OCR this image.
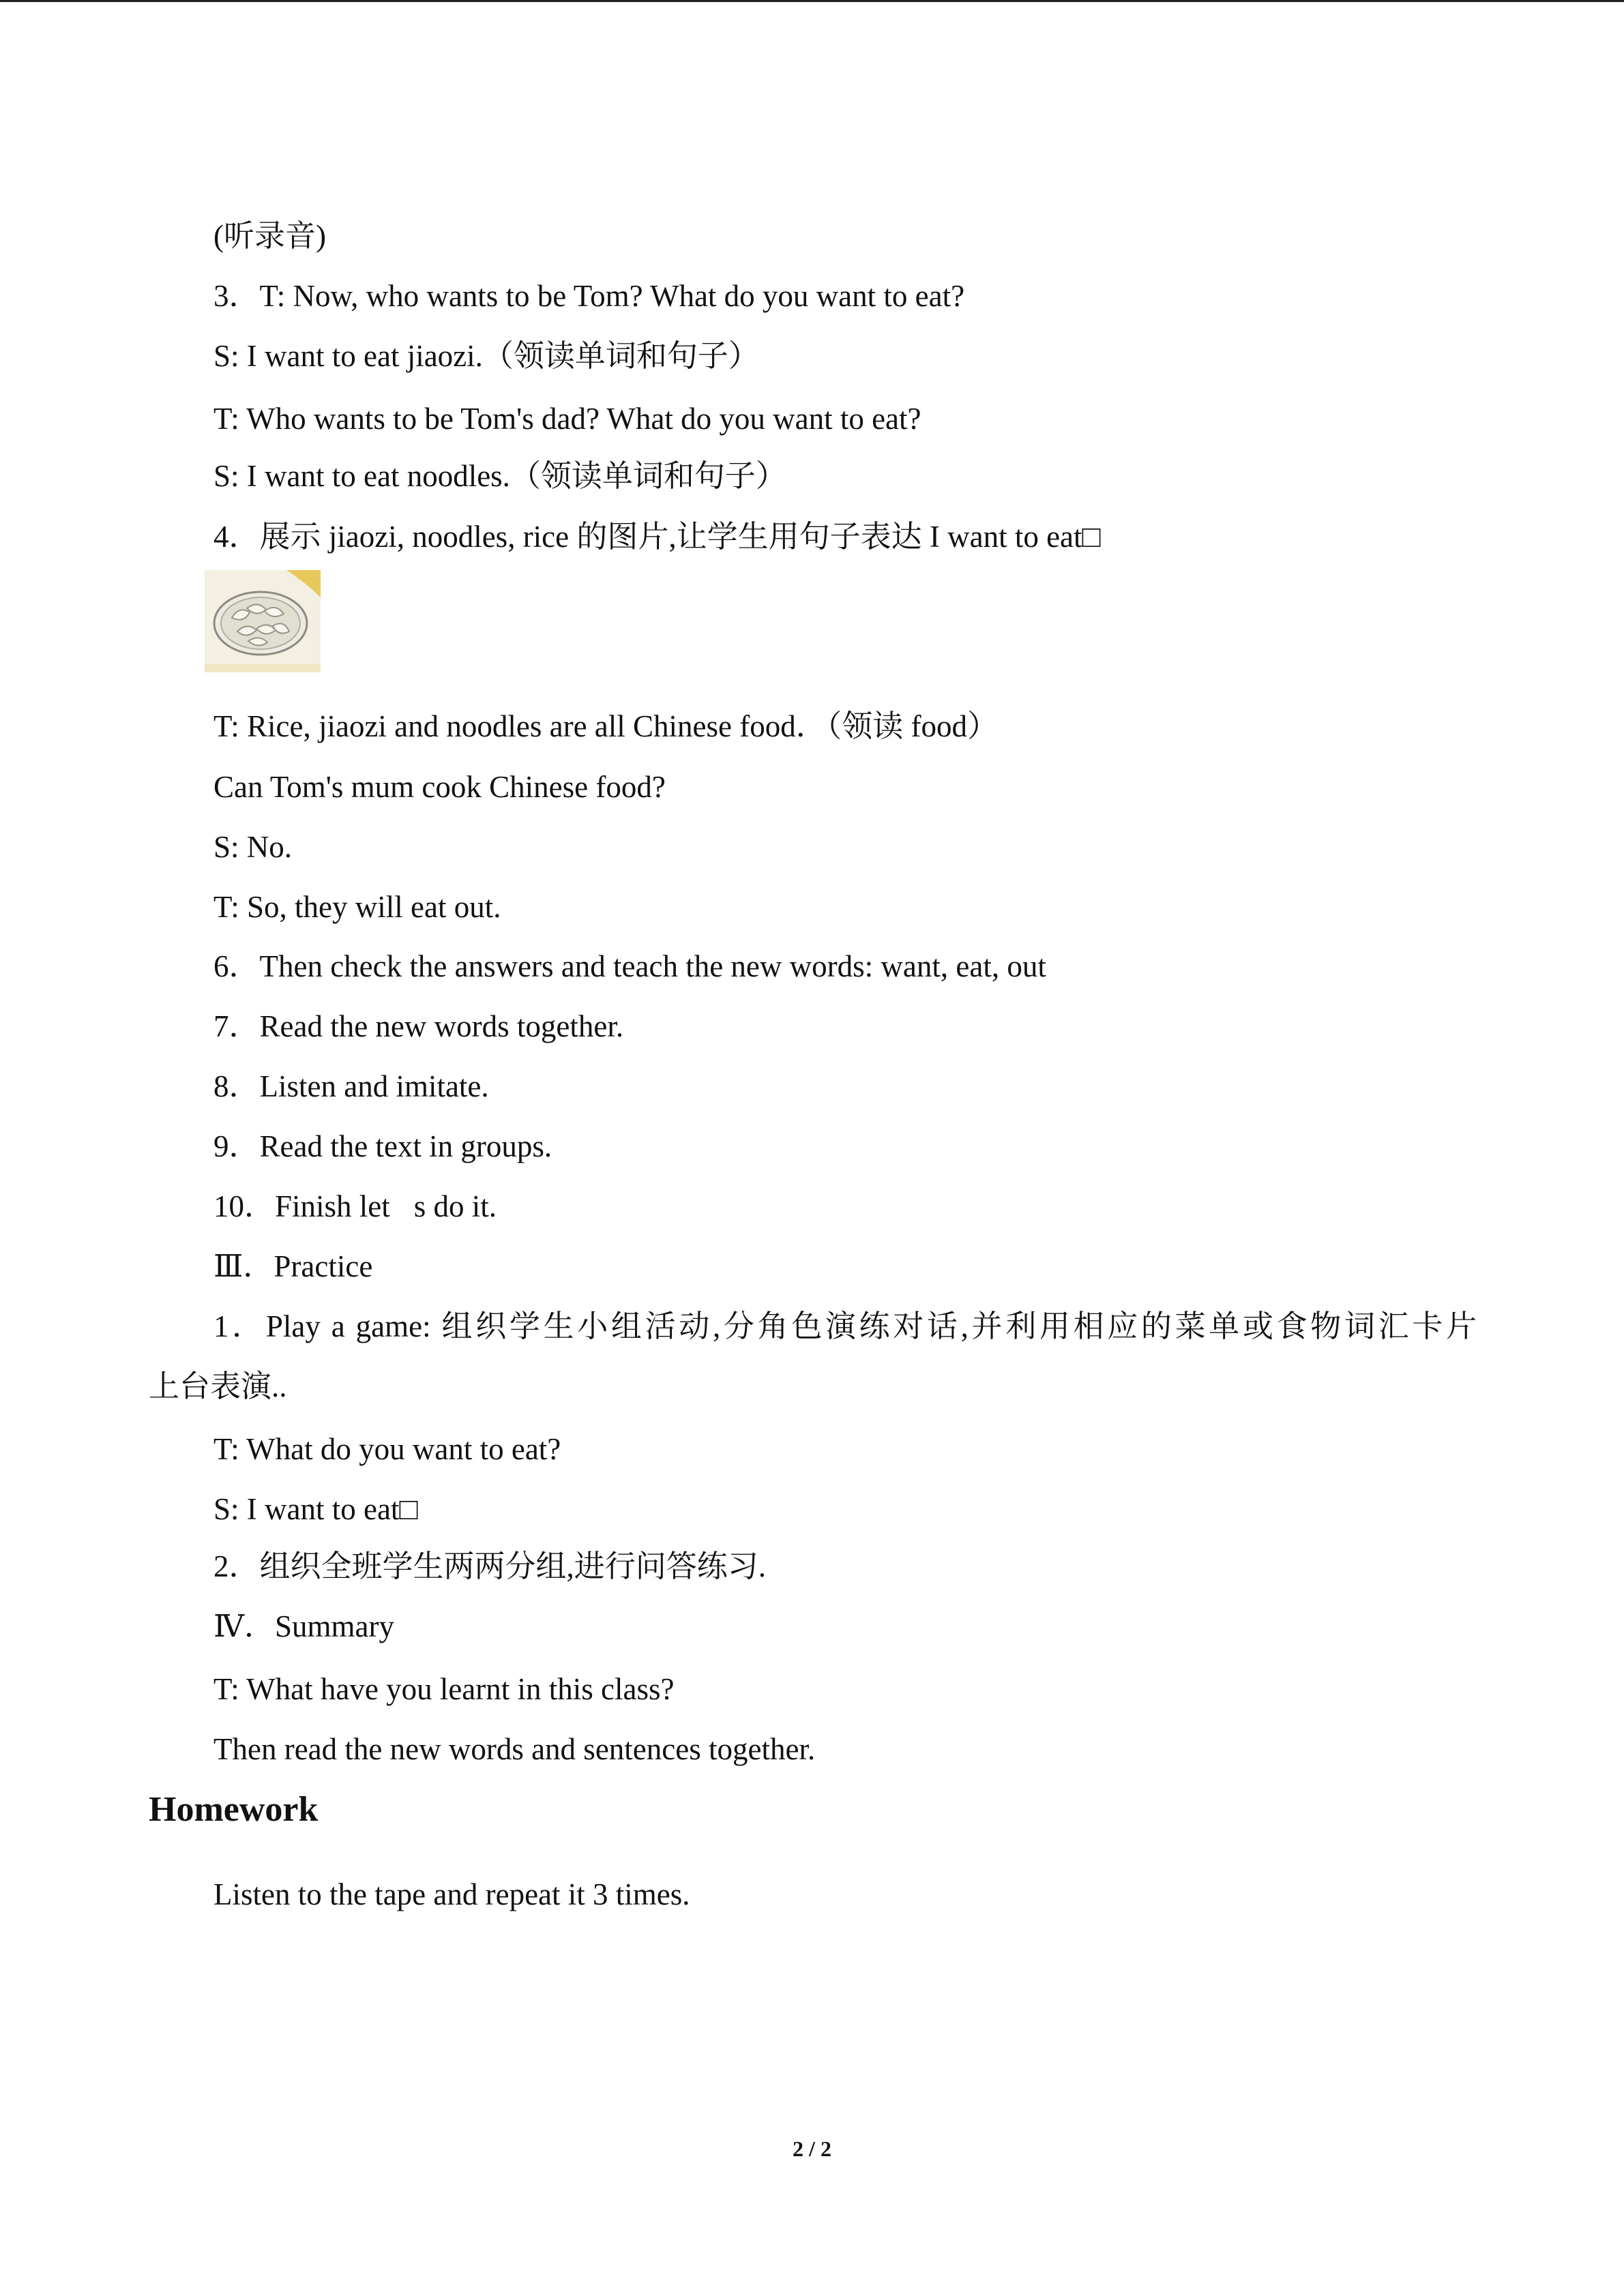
(听录音)
3．T: Now, who wants to be Tom? What do you want to eat?
S: I want to eat jiaozi.（领读单词和句子）
T: Who wants to be Tom's dad? What do you want to eat?
S: I want to eat noodles.（领读单词和句子）
4．展示 jiaozi, noodles, rice 的图片,让学生用句子表达 I want to eat□
T: Rice, jiaozi and noodles are all Chinese food．（领读 food）
Can Tom's mum cook Chinese food?
S: No.
T: So, they will eat out.
6．Then check the answers and teach the new words: want, eat, out
7．Read the new words together.
8．Listen and imitate.
9．Read the text in groups.
10．Finish let s do it.
Ⅲ．Practice
1．Play a game: 组织学生小组活动,分角色演练对话,并利用相应的菜单或食物词汇卡片
上台表演..
T: What do you want to eat?
S: I want to eat□
2．组织全班学生两两分组,进行问答练习.
Ⅳ．Summary
T: What have you learnt in this class?
Then read the new words and sentences together.
Homework
Listen to the tape and repeat it 3 times.
2 / 2
